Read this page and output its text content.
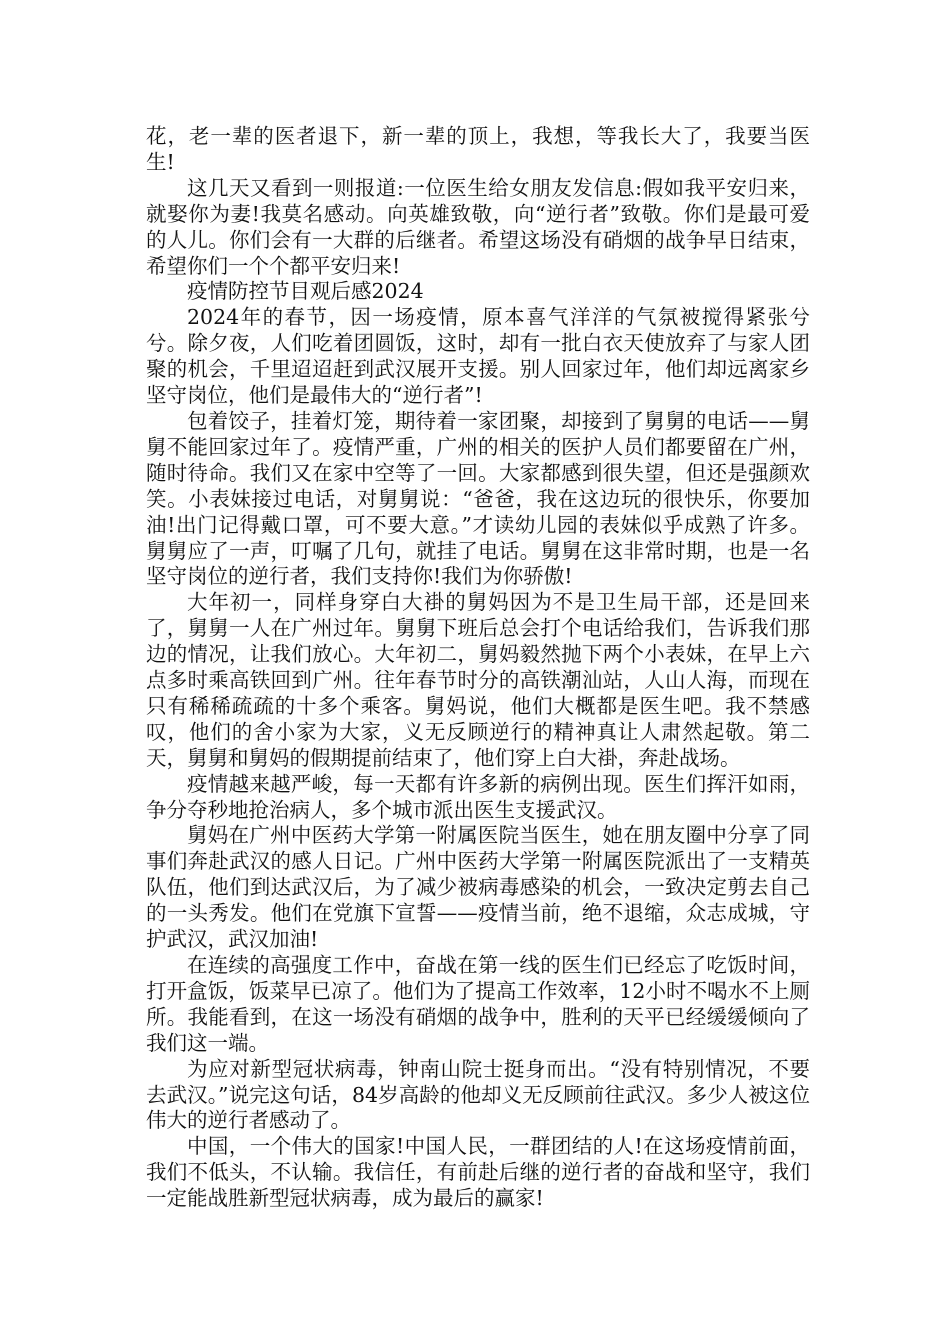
花，老一辈的医者退下，新一辈的顶上，我想，等我长大了，我要当医生!

这几天又看到一则报道:一位医生给女朋友发信息:假如我平安归来，就娶你为妻!我莫名感动。向英雄致敬，向“逆行者”致敬。你们是最可爱的人儿。你们会有一大群的后继者。希望这场没有硝烟的战争早日结束，希望你们一个个都平安归来!

疫情防控节目观后感2024

2024年的春节，因一场疫情，原本喜气洋洋的气氛被搅得紧张兮兮。除夕夜，人们吃着团圆饭，这时，却有一批白衣天使放弃了与家人团聚的机会，千里迢迢赶到武汉展开支援。别人回家过年，他们却远离家乡坚守岗位，他们是最伟大的“逆行者”!

包着饺子，挂着灯笼，期待着一家团聚，却接到了舅舅的电话——舅舅不能回家过年了。疫情严重，广州的相关的医护人员们都要留在广州，随时待命。我们又在家中空等了一回。大家都感到很失望，但还是强颜欢笑。小表妹接过电话，对舅舅说：“爸爸，我在这边玩的很快乐，你要加油!出门记得戴口罩，可不要大意。”才读幼儿园的表妹似乎成熟了许多。舅舅应了一声，叮嘱了几句，就挂了电话。舅舅在这非常时期，也是一名坚守岗位的逆行者，我们支持你!我们为你骄傲!

大年初一，同样身穿白大褂的舅妈因为不是卫生局干部，还是回来了，舅舅一人在广州过年。舅舅下班后总会打个电话给我们，告诉我们那边的情况，让我们放心。大年初二，舅妈毅然抛下两个小表妹，在早上六点多时乘高铁回到广州。往年春节时分的高铁潮汕站，人山人海，而现在只有稀稀疏疏的十多个乘客。舅妈说，他们大概都是医生吧。我不禁感叹，他们的舍小家为大家，义无反顾逆行的精神真让人肃然起敬。第二天，舅舅和舅妈的假期提前结束了，他们穿上白大褂，奔赴战场。

疫情越来越严峻，每一天都有许多新的病例出现。医生们挥汗如雨，争分夺秒地抢治病人，多个城市派出医生支援武汉。

舅妈在广州中医药大学第一附属医院当医生，她在朋友圈中分享了同事们奔赴武汉的感人日记。广州中医药大学第一附属医院派出了一支精英队伍，他们到达武汉后，为了减少被病毒感染的机会，一致决定剪去自己的一头秀发。他们在党旗下宣誓——疫情当前，绝不退缩，众志成城，守护武汉，武汉加油!

在连续的高强度工作中，奋战在第一线的医生们已经忘了吃饭时间，打开盒饭，饭菜早已凉了。他们为了提高工作效率，12小时不喝水不上厕所。我能看到，在这一场没有硝烟的战争中，胜利的天平已经缓缓倾向了我们这一端。

为应对新型冠状病毒，钟南山院士挺身而出。“没有特别情况，不要去武汉。”说完这句话，84岁高龄的他却义无反顾前往武汉。多少人被这位伟大的逆行者感动了。

中国，一个伟大的国家!中国人民，一群团结的人!在这场疫情前面，我们不低头，不认输。我信任，有前赴后继的逆行者的奋战和坚守，我们一定能战胜新型冠状病毒，成为最后的赢家!
